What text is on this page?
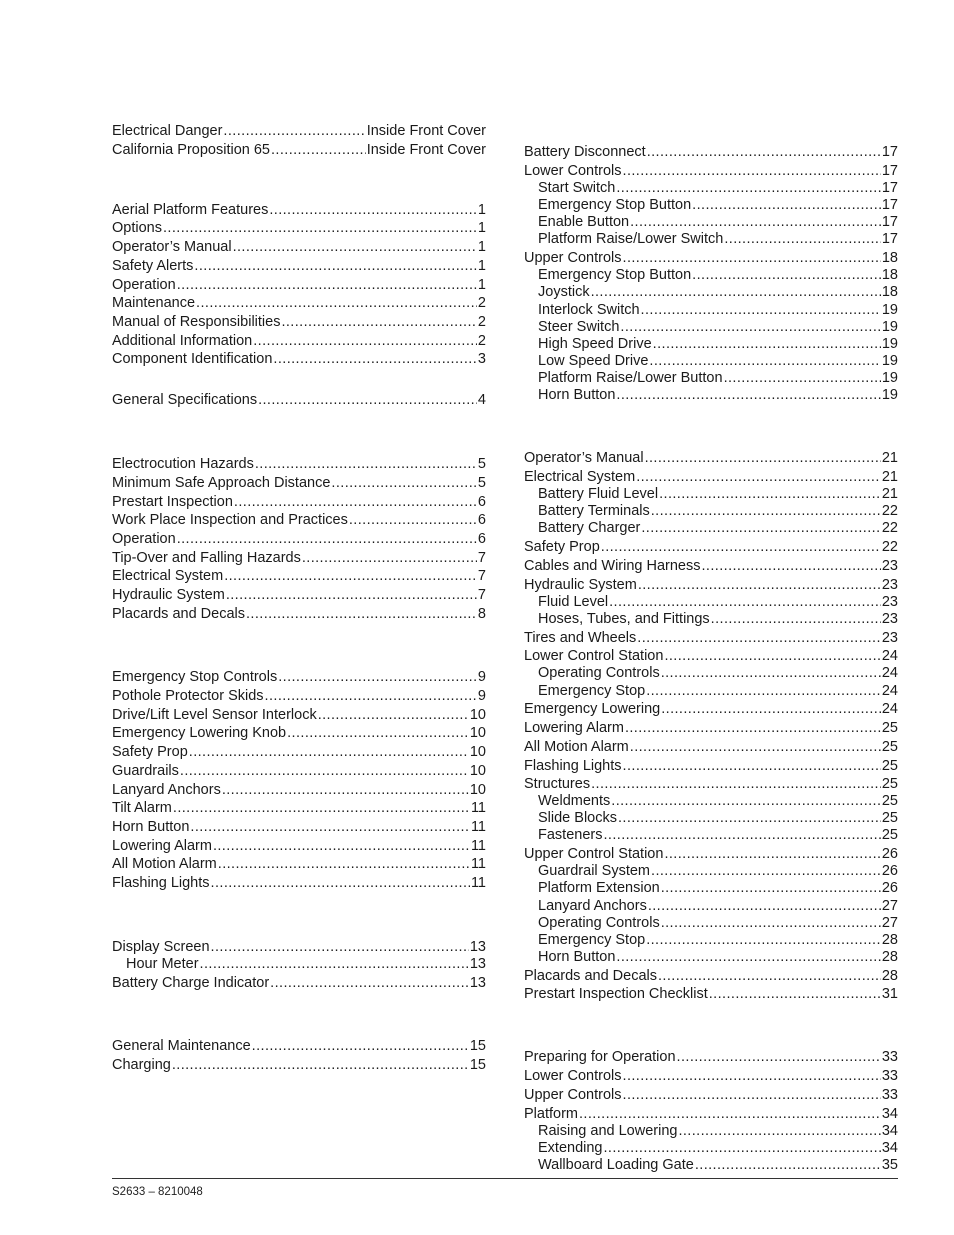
Electrical Danger .....	Inside Front Cover
California Proposition 65 .....	Inside Front Cover
Aerial Platform Features .....	1
Options .....	1
Operator’s Manual .....	1
Safety Alerts .....	1
Operation .....	1
Maintenance .....	2
Manual of Responsibilities .....	2
Additional Information .....	2
Component Identification .....	3
General Specifications .....	4
Electrocution Hazards .....	5
Minimum Safe Approach Distance .....	5
Prestart Inspection .....	6
Work Place Inspection and Practices .....	6
Operation .....	6
Tip-Over and Falling Hazards .....	7
Electrical System .....	7
Hydraulic System .....	7
Placards and Decals .....	8
Emergency Stop Controls .....	9
Pothole Protector Skids .....	9
Drive/Lift Level Sensor Interlock .....	10
Emergency Lowering Knob .....	10
Safety Prop .....	10
Guardrails .....	10
Lanyard Anchors .....	10
Tilt Alarm .....	11
Horn Button .....	11
Lowering Alarm .....	11
All Motion Alarm .....	11
Flashing Lights .....	11
Display Screen .....	13
Hour Meter .....	13
Battery Charge Indicator .....	13
General Maintenance .....	15
Charging .....	15
Battery Disconnect .....	17
Lower Controls .....	17
Start Switch .....	17
Emergency Stop Button .....	17
Enable Button .....	17
Platform Raise/Lower Switch .....	17
Upper Controls .....	18
Emergency Stop Button .....	18
Joystick .....	18
Interlock Switch .....	19
Steer Switch .....	19
High Speed Drive .....	19
Low Speed Drive .....	19
Platform Raise/Lower Button .....	19
Horn Button .....	19
Operator’s Manual .....	21
Electrical System .....	21
Battery Fluid Level .....	21
Battery Terminals .....	22
Battery Charger .....	22
Safety Prop .....	22
Cables and Wiring Harness .....	23
Hydraulic System .....	23
Fluid Level .....	23
Hoses, Tubes, and Fittings .....	23
Tires and Wheels .....	23
Lower Control Station .....	24
Operating Controls .....	24
Emergency Stop .....	24
Emergency Lowering .....	24
Lowering Alarm .....	25
All Motion Alarm .....	25
Flashing Lights .....	25
Structures .....	25
Weldments .....	25
Slide Blocks .....	25
Fasteners .....	25
Upper Control Station .....	26
Guardrail System .....	26
Platform Extension .....	26
Lanyard Anchors .....	27
Operating Controls .....	27
Emergency Stop .....	28
Horn Button .....	28
Placards and Decals .....	28
Prestart Inspection Checklist .....	31
Preparing for Operation .....	33
Lower Controls .....	33
Upper Controls .....	33
Platform .....	34
Raising and Lowering .....	34
Extending .....	34
Wallboard Loading Gate .....	35
S2633 – 8210048
